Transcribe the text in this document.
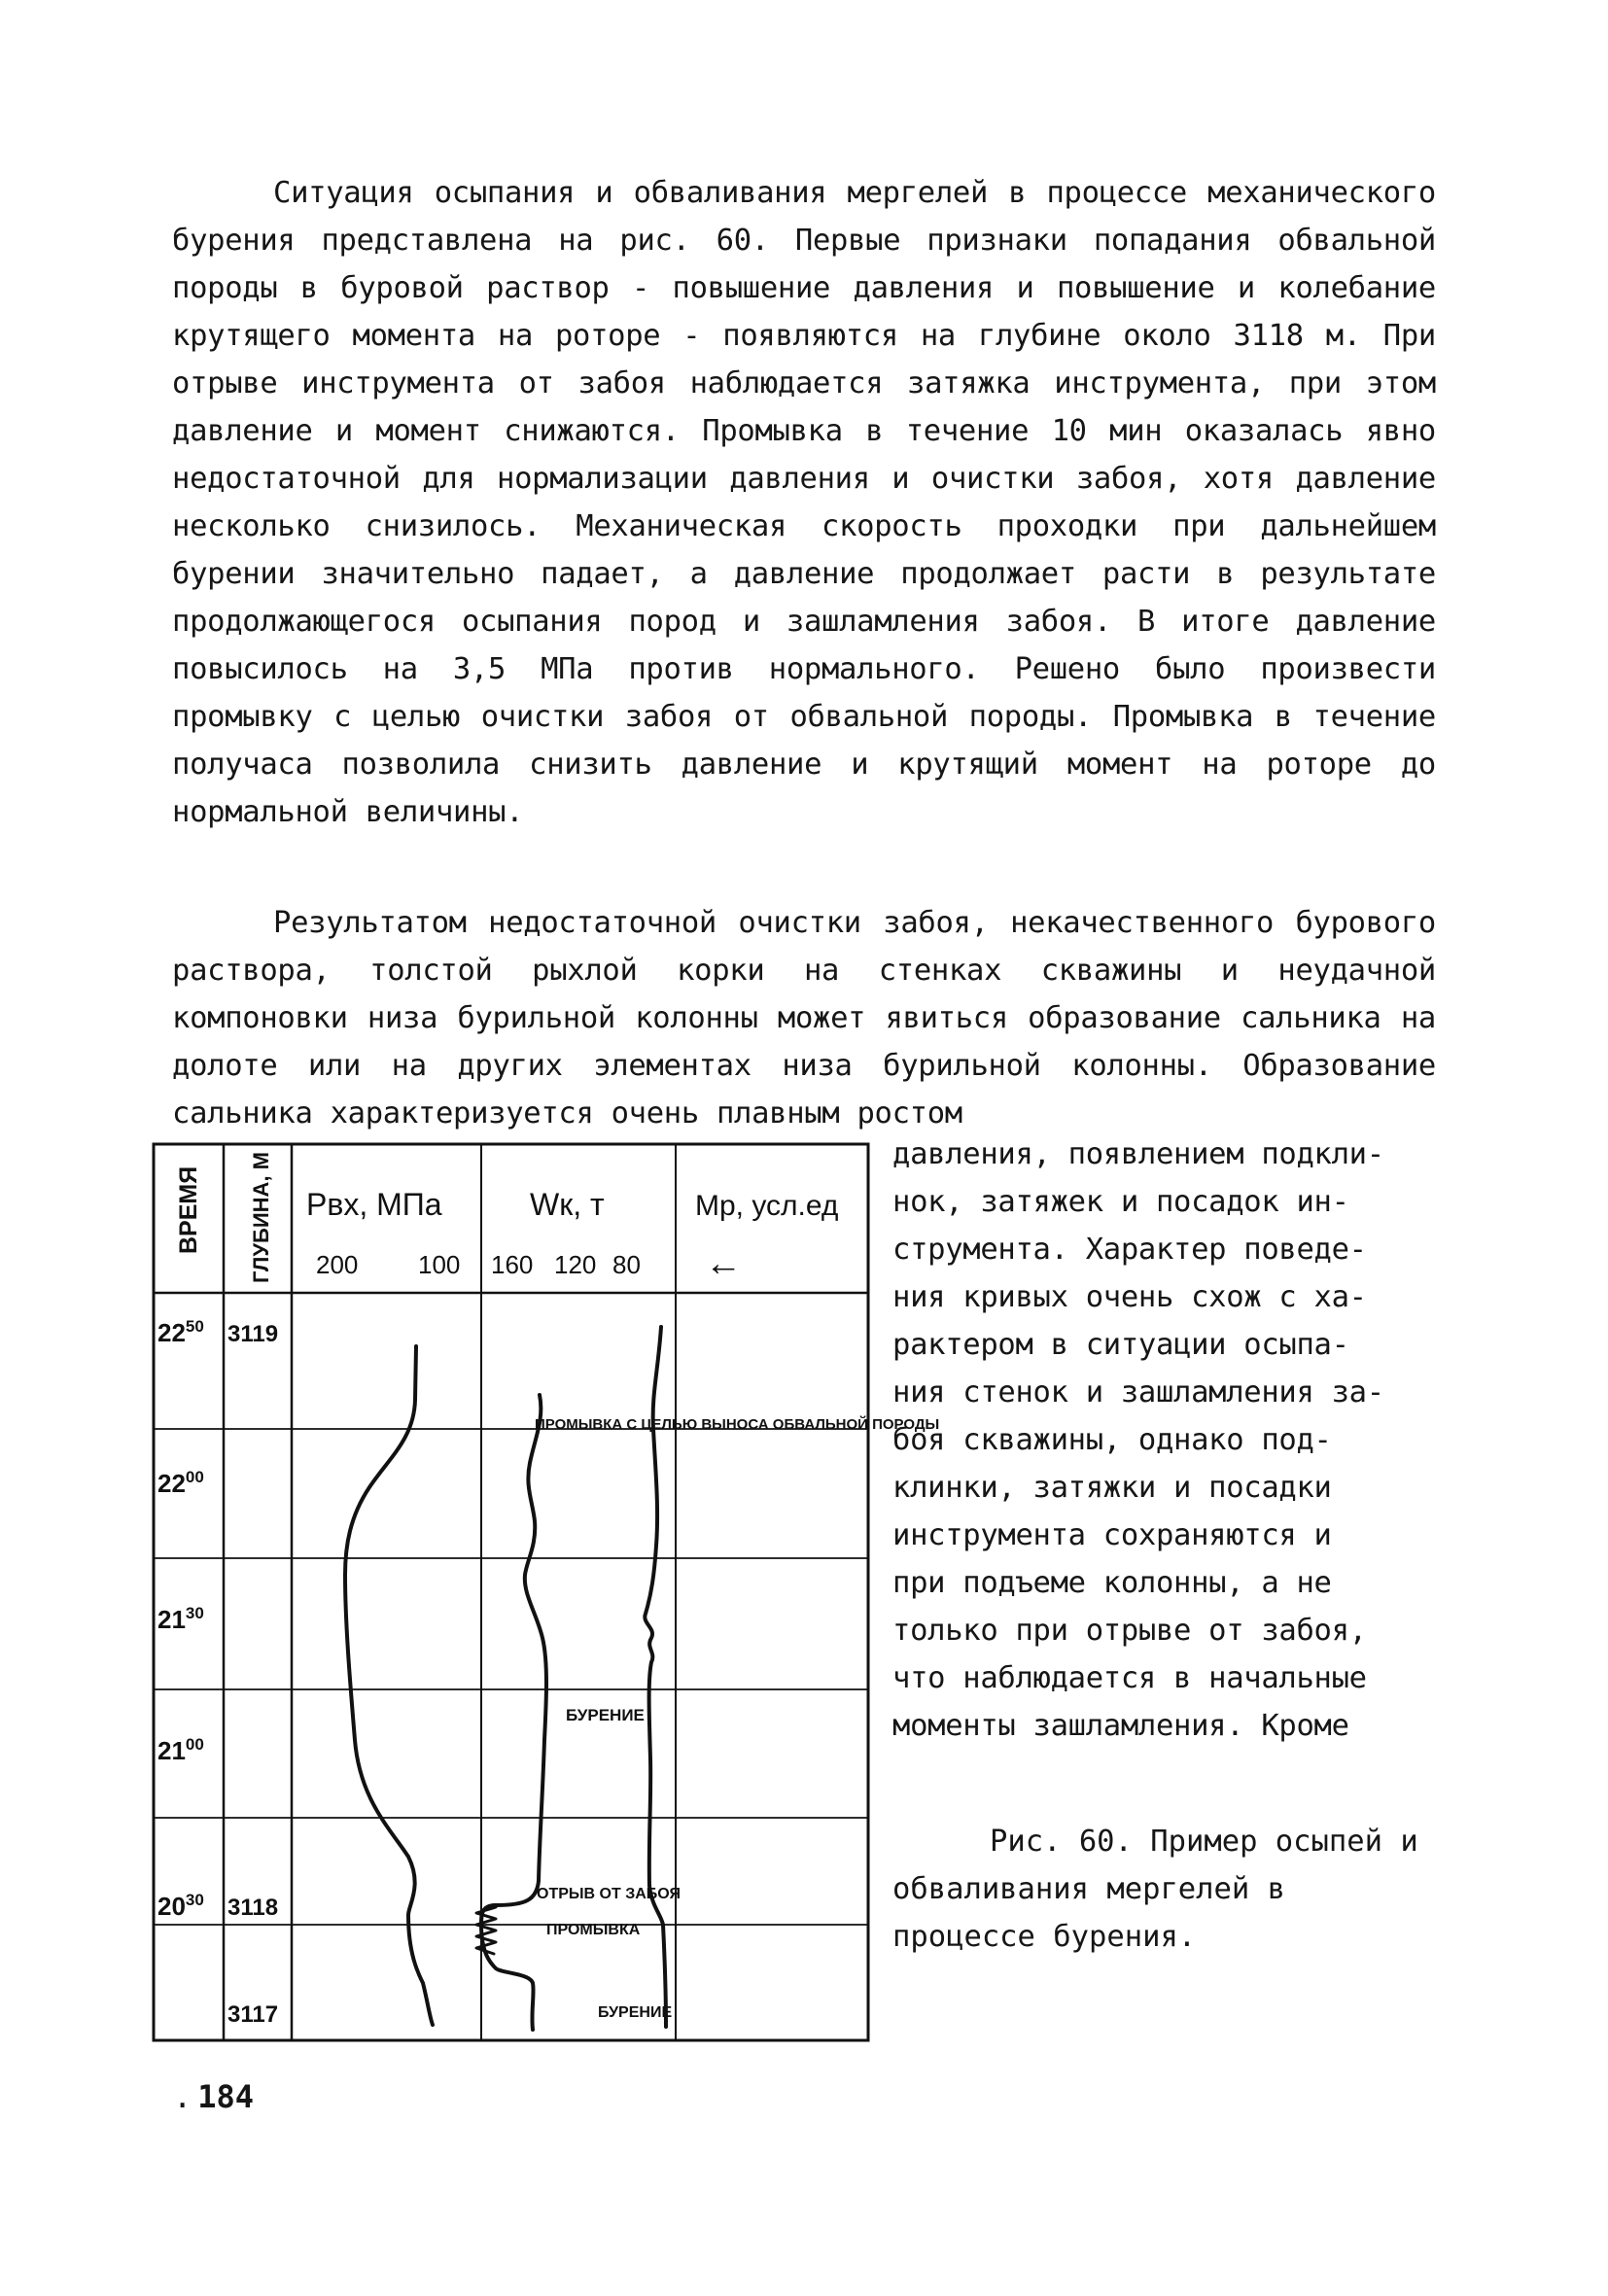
Ситуация осыпания и обваливания мергелей в процессе механического бурения представлена на рис. 60. Первые признаки попадания обвальной породы в буровой раствор - повышение давления и повышение и колебание крутящего момента на роторе - появляются на глубине около 3118 м. При отрыве инструмента от забоя наблюдается затяжка инструмента, при этом давление и момент снижаются. Промывка в течение 10 мин оказалась явно недостаточной для нормализации давления и очистки забоя, хотя давление несколько снизилось. Механическая скорость проходки при дальнейшем бурении значительно падает, а давление продолжает расти в результате продолжающегося осыпания пород и зашламления забоя. В итоге давление повысилось на 3,5 МПа против нормального. Решено было произвести промывку с целью очистки забоя от обвальной породы. Промывка в течение получаса позволила снизить давление и крутящий момент на роторе до нормальной величины.

Результатом недостаточной очистки забоя, некачественного бурового раствора, толстой рыхлой корки на стенках скважины и неудачной компоновки низа бурильной колонны может явиться образование сальника на долоте или на других элементах низа бурильной колонны. Образование сальника характеризуется очень плавным ростом

давления, появлением подкли-
нок, затяжек и посадок ин-
струмента. Характер поведе-
ния кривых очень схож с ха-
рактером в ситуации осыпа-
ния стенок и зашламления за-
боя скважины, однако под-
клинки, затяжки и посадки
инструмента сохраняются и
при подъеме колонны, а не
только при отрыве от забоя,
что наблюдается в начальные
моменты зашламления. Кроме

Рис. 60. Пример осыпей и обваливания мергелей в процессе бурения.

. 184
ВРЕМЯ ГЛУБИНА, М Pвх, МПа
200 100
Wк, т
160 120 80
Mр, усл.ед
←
$22^{50}$
$22^{00}$
$21^{30}$
$21^{00}$
$20^{30}$
3119
3118
3117
ПРОМЫВКА С ЦЕЛЬЮ ВЫНОСА ОБВАЛЬНОЙ ПОРОДЫ
БУРЕНИЕ
ОТРЫВ ОТ ЗАБОЯ
ПРОМЫВКА
БУРЕНИЕ
